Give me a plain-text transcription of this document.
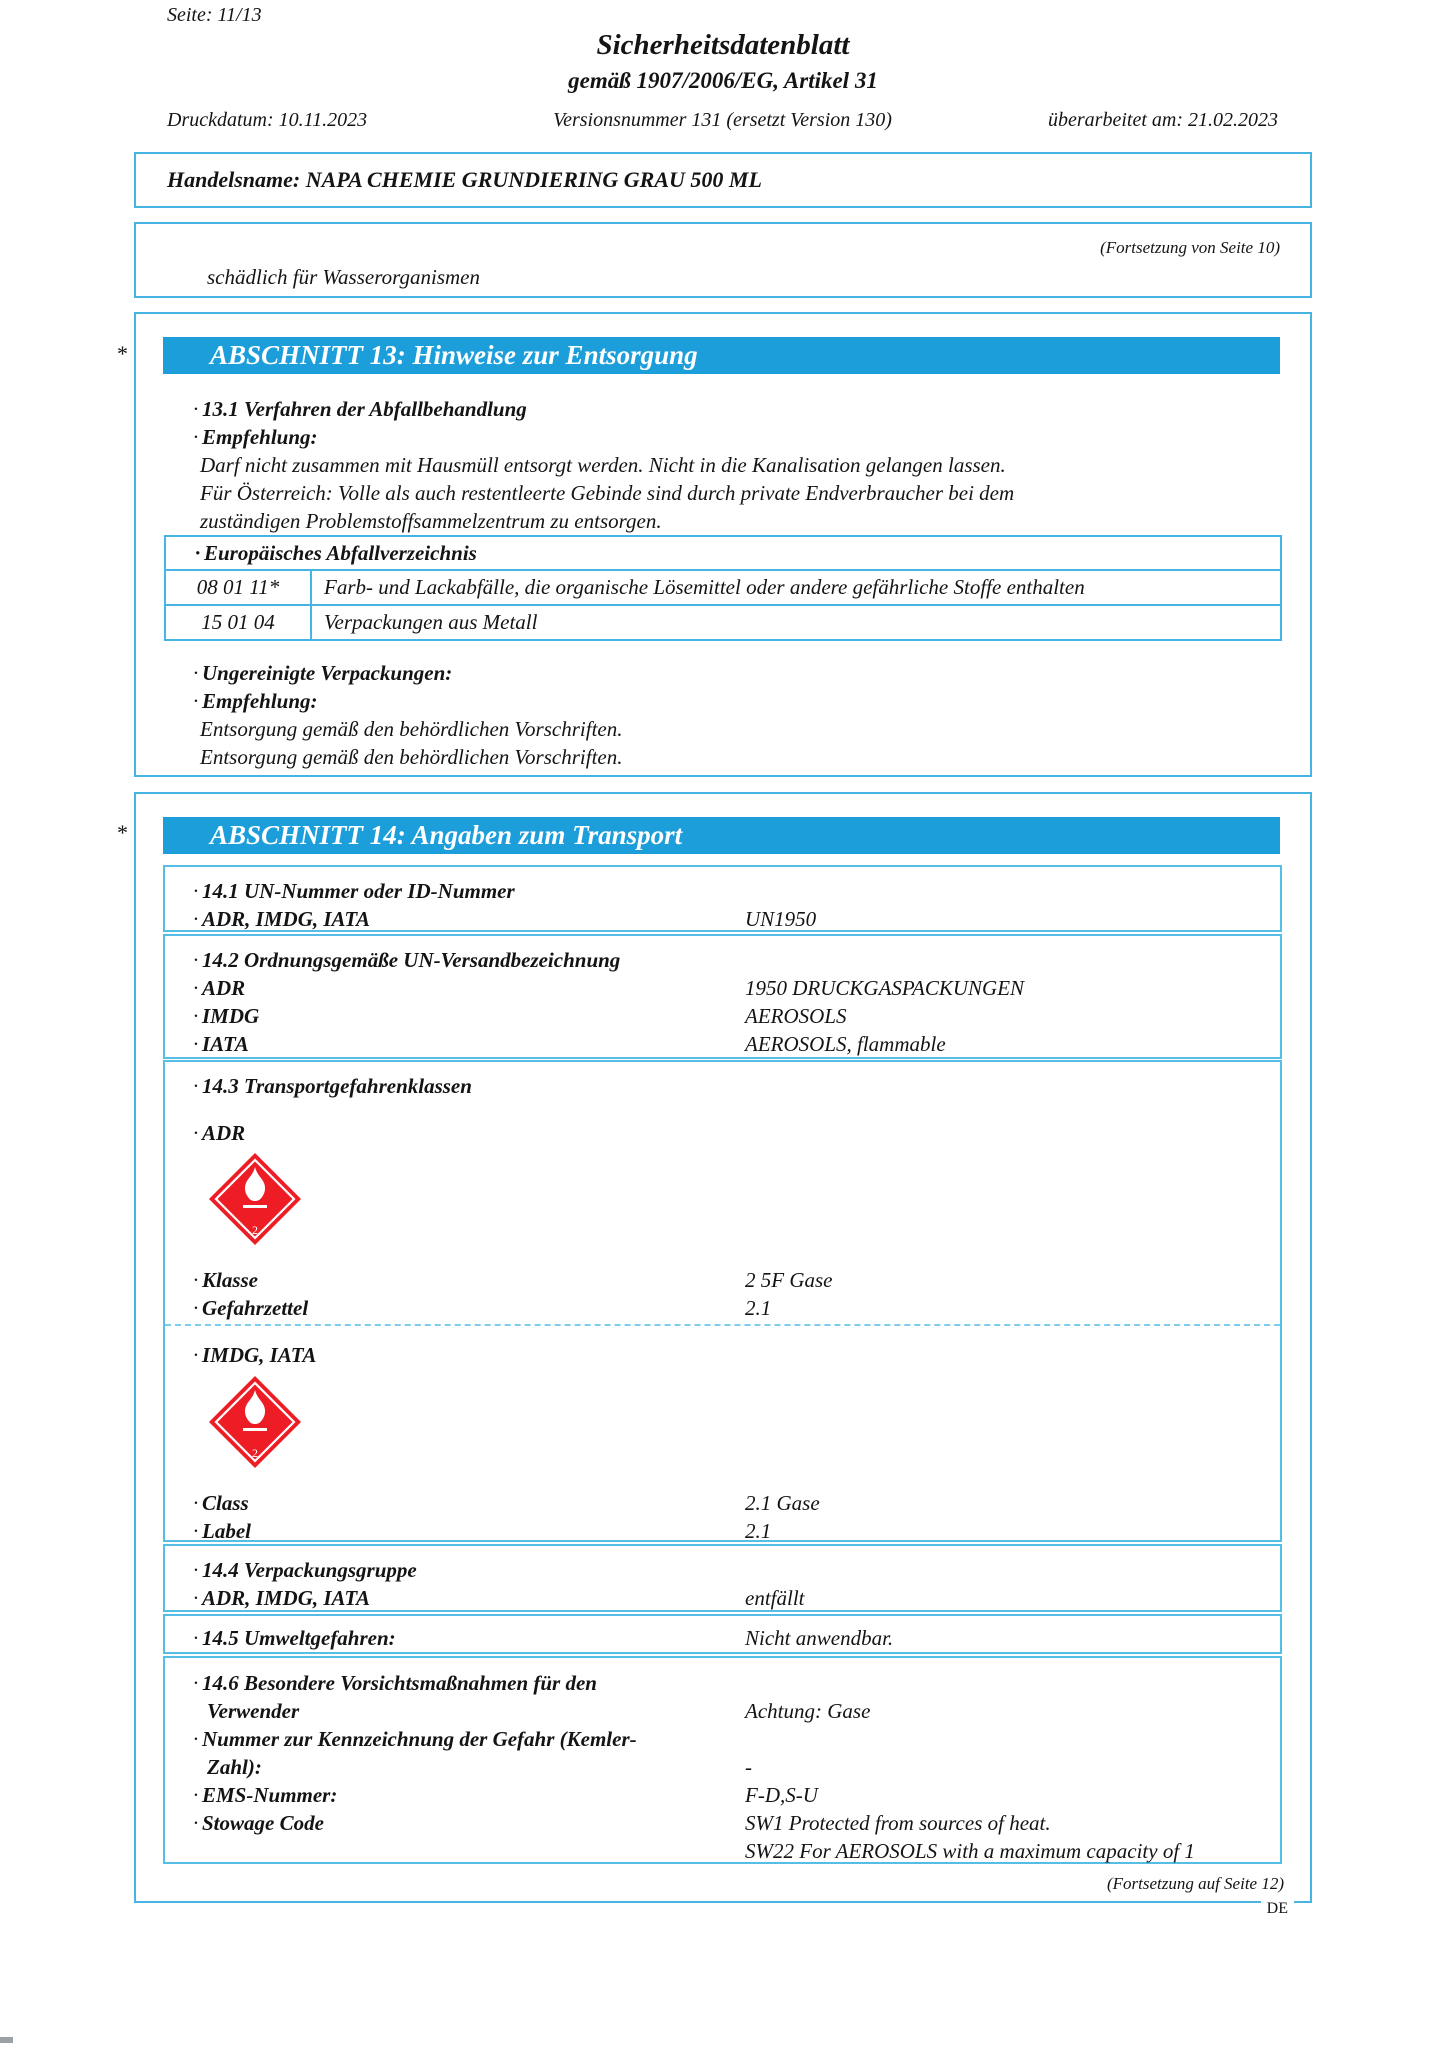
Seite: 11/13
Sicherheitsdatenblatt
gemäß 1907/2006/EG, Artikel 31
Druckdatum: 10.11.2023	Versionsnummer 131 (ersetzt Version 130)	überarbeitet am: 21.02.2023
Handelsname: NAPA CHEMIE GRUNDIERING GRAU 500 ML
(Fortsetzung von Seite 10)
schädlich für Wasserorganismen
*	ABSCHNITT 13: Hinweise zur Entsorgung
· 13.1 Verfahren der Abfallbehandlung
· Empfehlung:
Darf nicht zusammen mit Hausmüll entsorgt werden. Nicht in die Kanalisation gelangen lassen.
Für Österreich: Volle als auch restentleerte Gebinde sind durch private Endverbraucher bei dem
zuständigen Problemstoffsammelzentrum zu entsorgen.
· Europäisches Abfallverzeichnis
08 01 11*	Farb- und Lackabfälle, die organische Lösemittel oder andere gefährliche Stoffe enthalten
15 01 04	Verpackungen aus Metall
· Ungereinigte Verpackungen:
· Empfehlung:
Entsorgung gemäß den behördlichen Vorschriften.
Entsorgung gemäß den behördlichen Vorschriften.
*	ABSCHNITT 14: Angaben zum Transport
· 14.1 UN-Nummer oder ID-Nummer
· ADR, IMDG, IATA	UN1950
· 14.2 Ordnungsgemäße UN-Versandbezeichnung
· ADR	1950 DRUCKGASPACKUNGEN
· IMDG	AEROSOLS
· IATA	AEROSOLS, flammable
· 14.3 Transportgefahrenklassen
· ADR
2
· Klasse	2 5F Gase
· Gefahrzettel	2.1
· IMDG, IATA
2
· Class	2.1 Gase
· Label	2.1
· 14.4 Verpackungsgruppe
· ADR, IMDG, IATA	entfällt
· 14.5 Umweltgefahren:	Nicht anwendbar.
· 14.6 Besondere Vorsichtsmaßnahmen für den
Verwender	Achtung: Gase
· Nummer zur Kennzeichnung der Gefahr (Kemler-
Zahl):	-
· EMS-Nummer:	F-D,S-U
· Stowage Code	SW1 Protected from sources of heat.
SW22 For AEROSOLS with a maximum capacity of 1
(Fortsetzung auf Seite 12)
DE
